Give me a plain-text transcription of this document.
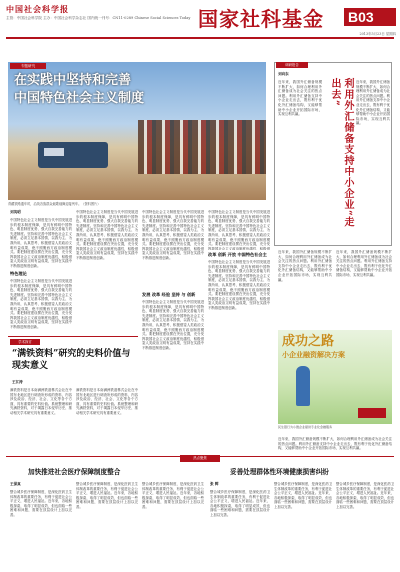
中国社会科学报
主管：中国社会科学院 主办：中国社会科学杂志社 国内统一刊号：CN11-0289 Chinese Social Sciences Today 国家社科基金	B03
2013年5月23日 星期四
专题研究
在实践中坚持和完善
中国特色社会主义制度
青藏铁路通车时，沿线各族群众载歌载舞迎接列车。（资料图片）
刘英明
中国特色社会主义制度是当代中国发展进步的根本制度保障，是具有鲜明中国特色、明显制度优势、强大自我完善能力的先进制度。坚持和完善中国特色社会主义制度，必须立足基本国情，以我为主、为我所用，认真思考、积极借鉴人类政治文明有益成果，绝不照搬西方政治制度模式。要把制度建设摆在突出位置，充分发挥我国社会主义政治制度优越性，积极借鉴人类政治文明有益成果，坚持在实践中不断推进制度创新。
特色理论
中国特色社会主义制度是当代中国发展进步的根本制度保障，是具有鲜明中国特色、明显制度优势、强大自我完善能力的先进制度。坚持和完善中国特色社会主义制度，必须立足基本国情，以我为主、为我所用，认真思考、积极借鉴人类政治文明有益成果，绝不照搬西方政治制度模式。要把制度建设摆在突出位置，充分发挥我国社会主义政治制度优越性，积极借鉴人类政治文明有益成果，坚持在实践中不断推进制度创新。
中国特色社会主义制度是当代中国发展进步的根本制度保障，是具有鲜明中国特色、明显制度优势、强大自我完善能力的先进制度。坚持和完善中国特色社会主义制度，必须立足基本国情，以我为主、为我所用，认真思考、积极借鉴人类政治文明有益成果，绝不照搬西方政治制度模式。要把制度建设摆在突出位置，充分发挥我国社会主义政治制度优越性，积极借鉴人类政治文明有益成果，坚持在实践中不断推进制度创新。
中国特色社会主义制度是当代中国发展进步的根本制度保障，是具有鲜明中国特色、明显制度优势、强大自我完善能力的先进制度。坚持和完善中国特色社会主义制度，必须立足基本国情，以我为主、为我所用，认真思考、积极借鉴人类政治文明有益成果，绝不照搬西方政治制度模式。要把制度建设摆在突出位置，充分发挥我国社会主义政治制度优越性，积极借鉴人类政治文明有益成果，坚持在实践中不断推进制度创新。
发展 改革 经验 坚持 与 创新
中国特色社会主义制度是当代中国发展进步的根本制度保障，是具有鲜明中国特色、明显制度优势、强大自我完善能力的先进制度。坚持和完善中国特色社会主义制度，必须立足基本国情，以我为主、为我所用，认真思考、积极借鉴人类政治文明有益成果，绝不照搬西方政治制度模式。要把制度建设摆在突出位置，充分发挥我国社会主义政治制度优越性，积极借鉴人类政治文明有益成果，坚持在实践中不断推进制度创新。
中国特色社会主义制度是当代中国发展进步的根本制度保障，是具有鲜明中国特色、明显制度优势、强大自我完善能力的先进制度。坚持和完善中国特色社会主义制度，必须立足基本国情，以我为主、为我所用，认真思考、积极借鉴人类政治文明有益成果，绝不照搬西方政治制度模式。要把制度建设摆在突出位置，充分发挥我国社会主义政治制度优越性，积极借
改革 创新 开放 中国特色社会主
中国特色社会主义制度是当代中国发展进步的根本制度保障，是具有鲜明中国特色、明显制度优势、强大自我完善能力的先进制度。坚持和完善中国特色社会主义制度，必须立足基本国情，以我为主、为我所用，认真思考、积极借鉴人类政治文明有益成果，绝不照搬西方政治制度模式。要把制度建设摆在突出位置，充分发挥我国社会主义政治制度优越性，积极借鉴人类政治文明有益成果，坚持在实践中不断推进制度创新。
调研报告
刘向东
近年来，我国外汇储备规模不断扩大，如何合理利用外汇储备成为社会关注的热点问题。利用外汇储备支持中小企业走出去，既有利于优化外汇储备结构，又能够帮助中小企业开拓国际市场，实现互利共赢。	利用外汇储备支持中小企业“走出去”	近年来，我国外汇储备规模不断扩大，如何合理利用外汇储备成为社会关注的热点问题。利用外汇储备支持中小企业走出去，既有利于优化外汇储备结构，又能够帮助中小企业开拓国际市场，实现互利共赢。
近年来，我国外汇储备规模不断扩大，如何合理利用外汇储备成为社会关注的热点问题。利用外汇储备支持中小企业走出去，既有利于优化外汇储备结构，又能够帮助中小企业开拓国际市场，实现互利共赢。
近年来，我国外汇储备规模不断扩大，如何合理利用外汇储备成为社会关注的热点问题。利用外汇储备支持中小企业走出去，既有利于优化外汇储备结构，又能够帮助中小企业开拓国际市场，实现互利共赢。
成功之路
小企业融资解决方案
民生银行为小微企业提供专业化金融服务
近年来，我国外汇储备规模不断扩大，如何合理利用外汇储备成为社会关注的热点问题。利用外汇储备支持中小企业走出去，既有利于优化外汇储备结构，又能够帮助中小企业开拓国际市场，实现互利共赢。
学术探讨
“满铁资料”研究的史料价值与现实意义
王江涛
满铁资料是日本南满洲铁道株式会社在中国东北地区进行调查所形成的资料，内容涉及政治、经济、社会、文化等各个方面，具有重要的史料价值。系统整理和研究满铁资料，对于揭露日本侵华历史、推动相关学术研究具有重要意义。
满铁资料是日本南满洲铁道株式会社在中国东北地区进行调查所形成的资料，内容涉及政治、经济、社会、文化等各个方面，具有重要的史料价值。系统整理和研究满铁资料，对于揭露日本侵华历史、推动相关学术研究具有重要意义。
热点聚焦
加快推进社会医疗保障制度整合	妥善处理群体性环境健康损害纠纷
王保真
整合城乡医疗保障制度，是深化医药卫生体制改革的重要任务，有利于促进社会公平正义，增进人民福祉。近年来，各地积极探索，取得了明显成效，但也面临一些困难和问题，需要在顶层设计上加以完善。
整合城乡医疗保障制度，是深化医药卫生体制改革的重要任务，有利于促进社会公平正义，增进人民福祉。近年来，各地积极探索，取得了明显成效，但也面临一些困难和问题，需要在顶层设计上加以完善。
整合城乡医疗保障制度，是深化医药卫生体制改革的重要任务，有利于促进社会公平正义，增进人民福祉。近年来，各地积极探索，取得了明显成效，但也面临一些困难和问题，需要在顶层设计上加以完善。
张 辉
整合城乡医疗保障制度，是深化医药卫生体制改革的重要任务，有利于促进社会公平正义，增进人民福祉。近年来，各地积极探索，取得了明显成效，但也面临一些困难和问题，需要在顶层设计上加以完善。
整合城乡医疗保障制度，是深化医药卫生体制改革的重要任务，有利于促进社会公平正义，增进人民福祉。近年来，各地积极探索，取得了明显成效，但也面临一些困难和问题，需要在顶层设计上加以完善。
整合城乡医疗保障制度，是深化医药卫生体制改革的重要任务，有利于促进社会公平正义，增进人民福祉。近年来，各地积极探索，取得了明显成效，但也面临一些困难和问题，需要在顶层设计上加以完善。
